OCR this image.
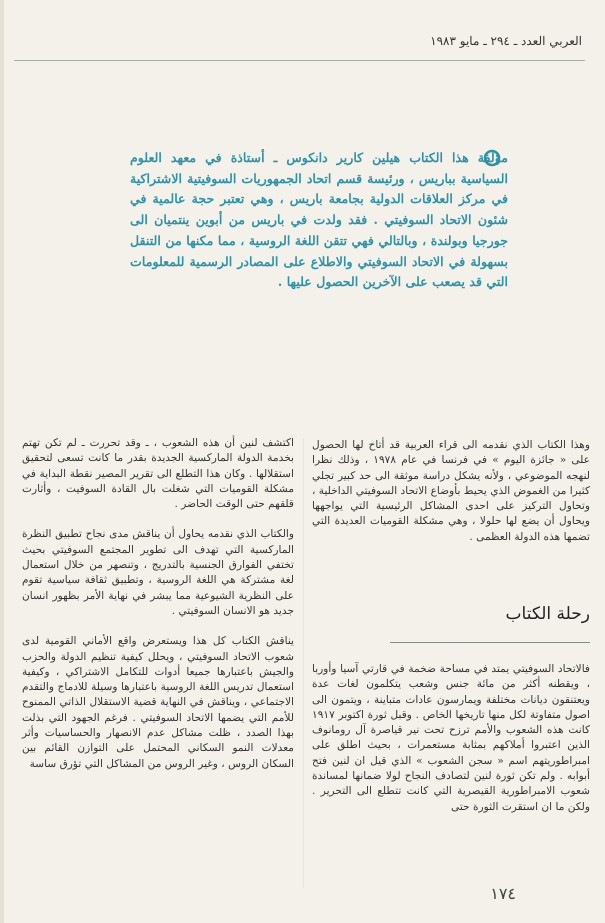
العربي العدد ـ ٢٩٤ ـ مايو ١٩٨٣
مؤلفة هذا الكتاب هيلين كارير دانكوس ـ أستاذة في معهد العلوم السياسية بباريس ، ورئيسة قسم اتحاد الجمهوريات السوفيتية الاشتراكية في مركز العلاقات الدولية بجامعة باريس ، وهي تعتبر حجة عالمية في شئون الاتحاد السوفيتي . فقد ولدت في باريس من أبوين ينتميان الى جورجيا وبولندة ، وبالتالي فهي تتقن اللغة الروسية ، مما مكنها من التنقل بسهولة في الاتحاد السوفيتي والاطلاع على المصادر الرسمية للمعلومات التي قد يصعب على الآخرين الحصول عليها .

وهذا الكتاب الذي نقدمه الى قراء العربية قد أتاح لها الحصول على « جائزة اليوم » في فرنسا في عام ١٩٧٨ ، وذلك نظرا لنهجه الموضوعي ، ولأنه يشكل دراسة موثقة الى حد كبير تجلي كثيرا من الغموض الذي يحيط بأوضاع الاتحاد السوفيتي الداخلية ، وتحاول التركيز على احدى المشاكل الرئيسية التي يواجهها ويحاول أن يضع لها حلولا ، وهي مشكلة القوميات العديدة التي تضمها هذه الدولة العظمى .

رحلة الكتاب

فالاتحاد السوفيتي يمتد في مساحة ضخمة في قارتي آسيا وأوربا ، ويقطنه أكثر من مائة جنس وشعب يتكلمون لغات عدة ويعتنقون ديانات مختلفة ويمارسون عادات متباينة ، ويتمون الى اصول متفاوتة لكل منها تاريخها الخاص . وقبل ثورة اكتوبر ١٩١٧ كانت هذه الشعوب والأمم ترزح تحت نير قياصرة آل رومانوف الذين اعتبروا أملاكهم بمثابة مستعمرات ، بحيث اطلق على امبراطوريتهم اسم « سجن الشعوب » الذي قيل ان لنين فتح أبوابه . ولم تكن ثورة لنين لتصادف النجاح لولا ضمانها لمساندة شعوب الامبراطورية القيصرية التي كانت تتطلع الى التحرير . ولكن ما ان استقرت الثورة حتى

اكتشف لنين أن هذه الشعوب ، ـ وقد تحررت ـ لم تكن تهتم بخدمة الدولة الماركسية الجديدة بقدر ما كانت تسعى لتحقيق استقلالها . وكان هذا التطلع الى تقرير المصير نقطة البداية في مشكلة القوميات التي شغلت بال القادة السوفيت ، وأثارت قلقهم حتى الوقت الحاضر .

والكتاب الذي نقدمه يحاول أن يناقش مدى نجاح تطبيق النظرة الماركسية التي تهدف الى تطوير المجتمع السوفيتي بحيث تختفي الفوارق الجنسية بالتدريج ، وتنصهر من خلال استعمال لغة مشتركة هي اللغة الروسية ، وتطبيق ثقافة سياسية تقوم على النظرية الشيوعية مما يبشر في نهاية الأمر بظهور انسان جديد هو الانسان السوفيتي .

يناقش الكتاب كل هذا ويستعرض واقع الأماني القومية لدى شعوب الاتحاد السوفيتي ، ويحلل كيفية تنظيم الدولة والحزب والجيش باعتبارها جميعا أدوات للتكامل الاشتراكي ، وكيفية استعمال تدريس اللغة الروسية باعتبارها وسيلة للادماج والتقدم الاجتماعي ، ويناقش في النهاية قضية الاستقلال الذاتي الممنوح للأمم التي يضمها الاتحاد السوفيتي . فرغم الجهود التي بذلت بهذا الصدد ، ظلت مشاكل عدم الانصهار والحساسيات وأثر معدلات النمو السكاني المحتمل على التوازن القائم بين السكان الروس ، وغير الروس من المشاكل التي تؤرق ساسة

١٧٤
